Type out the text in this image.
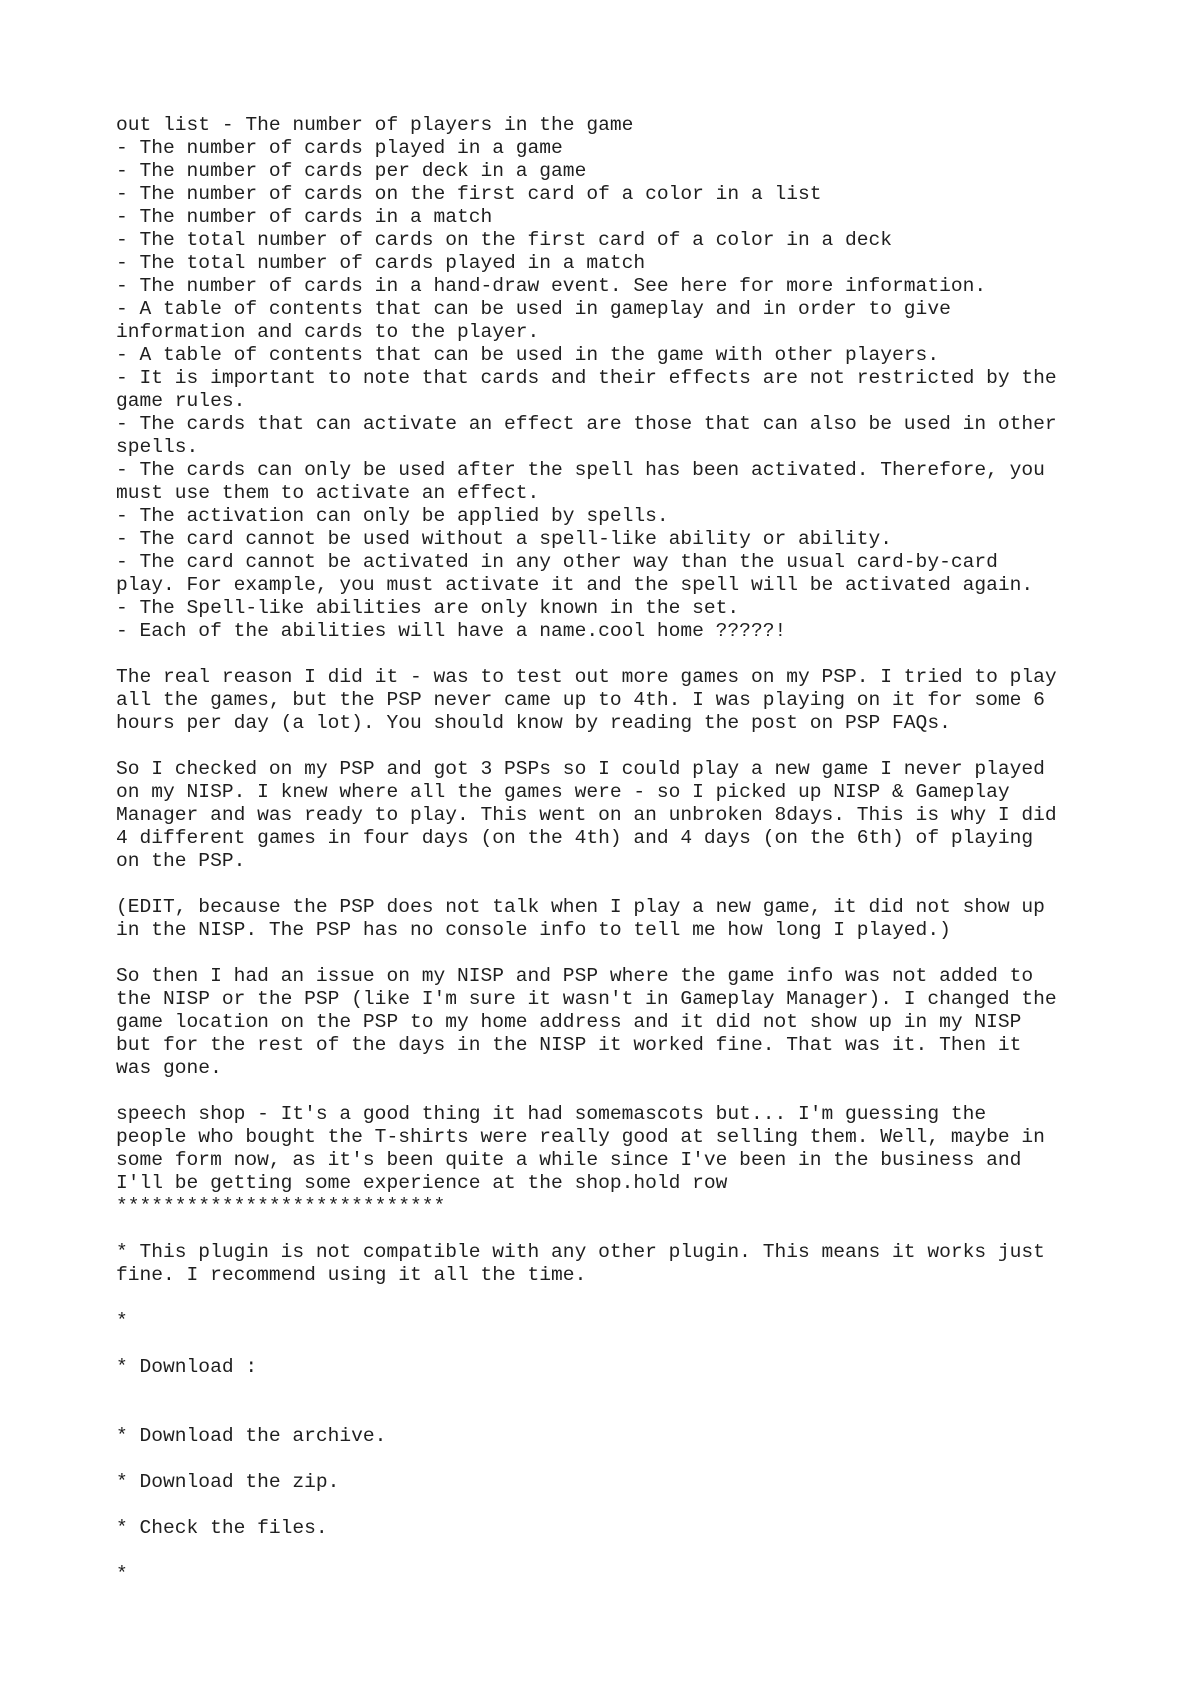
out list - The number of players in the game
- The number of cards played in a game
- The number of cards per deck in a game
- The number of cards on the first card of a color in a list
- The number of cards in a match
- The total number of cards on the first card of a color in a deck
- The total number of cards played in a match
- The number of cards in a hand-draw event. See here for more information.
- A table of contents that can be used in gameplay and in order to give
information and cards to the player.
- A table of contents that can be used in the game with other players.
- It is important to note that cards and their effects are not restricted by the
game rules.
- The cards that can activate an effect are those that can also be used in other
spells.
- The cards can only be used after the spell has been activated. Therefore, you
must use them to activate an effect.
- The activation can only be applied by spells.
- The card cannot be used without a spell-like ability or ability.
- The card cannot be activated in any other way than the usual card-by-card
play. For example, you must activate it and the spell will be activated again.
- The Spell-like abilities are only known in the set.
- Each of the abilities will have a name.cool home ?????!
The real reason I did it - was to test out more games on my PSP. I tried to play
all the games, but the PSP never came up to 4th. I was playing on it for some 6
hours per day (a lot). You should know by reading the post on PSP FAQs.
So I checked on my PSP and got 3 PSPs so I could play a new game I never played
on my NISP. I knew where all the games were - so I picked up NISP & Gameplay
Manager and was ready to play. This went on an unbroken 8days. This is why I did
4 different games in four days (on the 4th) and 4 days (on the 6th) of playing
on the PSP.
(EDIT, because the PSP does not talk when I play a new game, it did not show up
in the NISP. The PSP has no console info to tell me how long I played.)
So then I had an issue on my NISP and PSP where the game info was not added to
the NISP or the PSP (like I'm sure it wasn't in Gameplay Manager). I changed the
game location on the PSP to my home address and it did not show up in my NISP
but for the rest of the days in the NISP it worked fine. That was it. Then it
was gone.
speech shop - It's a good thing it had somemascots but... I'm guessing the
people who bought the T-shirts were really good at selling them. Well, maybe in
some form now, as it's been quite a while since I've been in the business and
I'll be getting some experience at the shop.hold row
****************************
* This plugin is not compatible with any other plugin. This means it works just
fine. I recommend using it all the time.
*
* Download :
* Download the archive.
* Download the zip.
* Check the files.
*
